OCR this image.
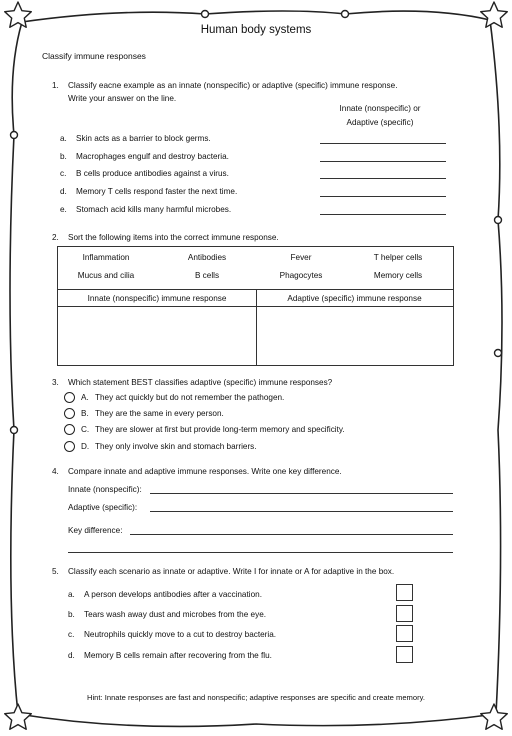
Human body systems
Classify immune responses
1. Classify eacne example as an innate (nonspecific) or adaptive (specific) immune response.
Write your answer on the line.
Innate (nonspecific) or
Adaptive (specific)
a. Skin acts as a barrier to block germs.
b. Macrophages engulf and destroy bacteria.
c. B cells produce antibodies against a virus.
d. Memory T cells respond faster the next time.
e. Stomach acid kills many harmful microbes.
2. Sort the following items into the correct immune response.
Inflammation	Antibodies	Fever	T helper cells
Mucus and cilia	B cells	Phagocytes	Memory cells
Innate (nonspecific) immune response	Adaptive (specific) immune response
3. Which statement BEST classifies adaptive (specific) immune responses?
A. They act quickly but do not remember the pathogen.
B. They are the same in every person.
C. They are slower at first but provide long-term memory and specificity.
D. They only involve skin and stomach barriers.
4. Compare innate and adaptive immune responses. Write one key difference.
Innate (nonspecific):
Adaptive (specific):
Key difference:
5. Classify each scenario as innate or adaptive. Write I for innate or A for adaptive in the box.
a. A person develops antibodies after a vaccination.
b. Tears wash away dust and microbes from the eye.
c. Neutrophils quickly move to a cut to destroy bacteria.
d. Memory B cells remain after recovering from the flu.
Hint: Innate responses are fast and nonspecific; adaptive responses are specific and create memory.
